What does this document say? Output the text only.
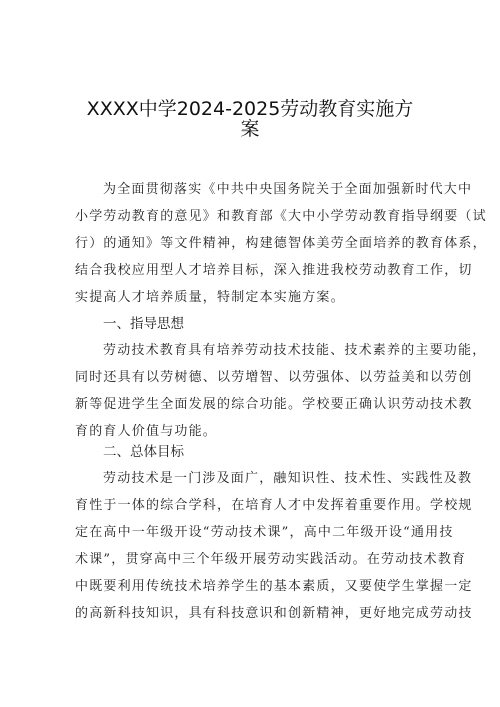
XXXX中学2024-2025劳动教育实施方
案
为全面贯彻落实《中共中央国务院关于全面加强新时代大中
小学劳动教育的意见》和教育部《大中小学劳动教育指导纲要（试
行）的通知》等文件精神，构建德智体美劳全面培养的教育体系，
结合我校应用型人才培养目标，深入推进我校劳动教育工作，切
实提高人才培养质量，特制定本实施方案。
一、指导思想
劳动技术教育具有培养劳动技术技能、技术素养的主要功能，
同时还具有以劳树德、以劳增智、以劳强体、以劳益美和以劳创
新等促进学生全面发展的综合功能。学校要正确认识劳动技术教
育的育人价值与功能。
二、总体目标
劳动技术是一门涉及面广，融知识性、技术性、实践性及教
育性于一体的综合学科，在培育人才中发挥着重要作用。学校规
定在高中一年级开设“劳动技术课”，高中二年级开设“通用技
术课”，贯穿高中三个年级开展劳动实践活动。在劳动技术教育
中既要利用传统技术培养学生的基本素质，又要使学生掌握一定
的高新科技知识，具有科技意识和创新精神，更好地完成劳动技
